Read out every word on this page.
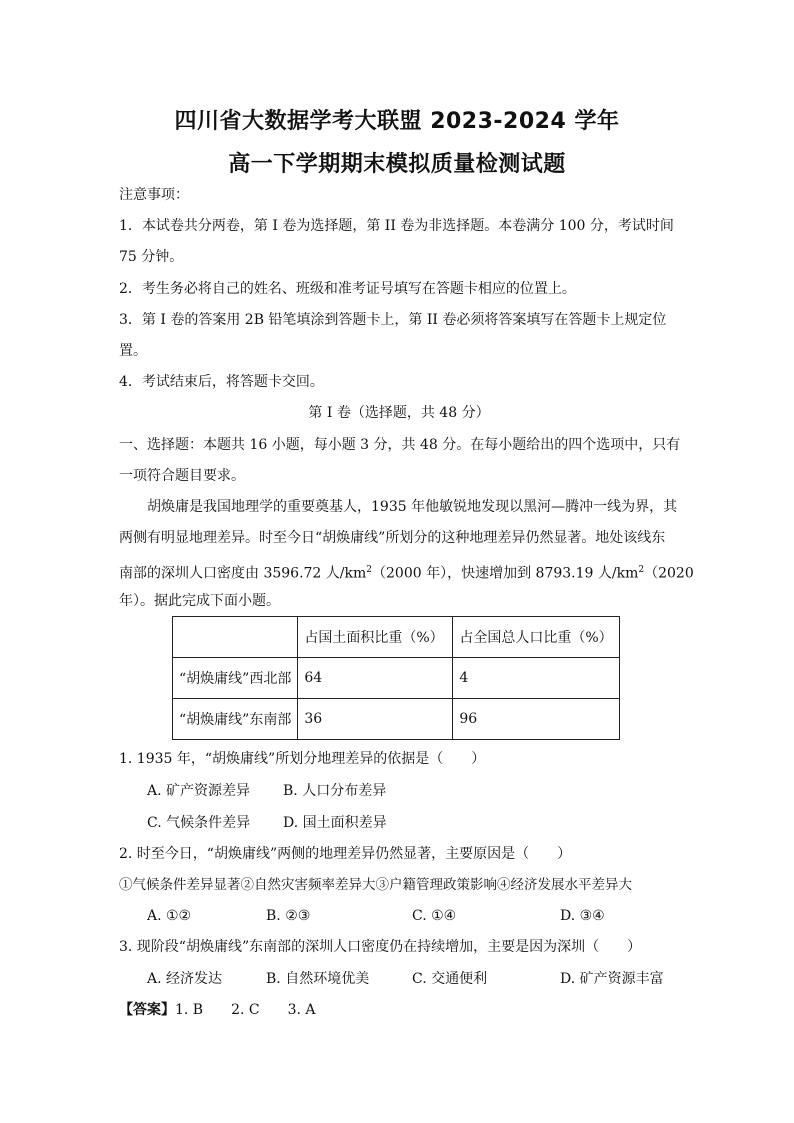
四川省大数据学考大联盟 2023-2024 学年
高一下学期期末模拟质量检测试题
注意事项：
1．本试卷共分两卷，第 I 卷为选择题，第 II 卷为非选择题。本卷满分 100 分，考试时间
75 分钟。
2．考生务必将自己的姓名、班级和准考证号填写在答题卡相应的位置上。
3．第 I 卷的答案用 2B 铅笔填涂到答题卡上，第 II 卷必须将答案填写在答题卡上规定位
置。
4．考试结束后，将答题卡交回。
第 I 卷（选择题，共 48 分）
一、选择题：本题共 16 小题，每小题 3 分，共 48 分。在每小题给出的四个选项中，只有
一项符合题目要求。
胡焕庸是我国地理学的重要奠基人，1935 年他敏锐地发现以黑河—腾冲一线为界，其
两侧有明显地理差异。时至今日“胡焕庸线”所划分的这种地理差异仍然显著。地处该线东
南部的深圳人口密度由 3596.72 人$/km^2(2000$ 年），快速增加到 8793.19 人$/km^2(2020$
年）。据此完成下面小题。
	占国土面积比重（%）	占全国总人口比重（%）
“胡焕庸线”西北部	64	4
“胡焕庸线”东南部	36	96
1. 1935 年，“胡焕庸线”所划分地理差异的依据是（　　）
A. 矿产资源差异 B. 人口分布差异
C. 气候条件差异 D. 国土面积差异
2. 时至今日，“胡焕庸线”两侧的地理差异仍然显著，主要原因是（　　）
①气候条件差异显著②自然灾害频率差异大③户籍管理政策影响④经济发展水平差异大
A. ①②	B. ②③	C. ①④	D. ③④
3. 现阶段“胡焕庸线”东南部的深圳人口密度仍在持续增加，主要是因为深圳（　　）
A. 经济发达	B. 自然环境优美	C. 交通便利	D. 矿产资源丰富
【答案】1. B　　2. C　　3. A
